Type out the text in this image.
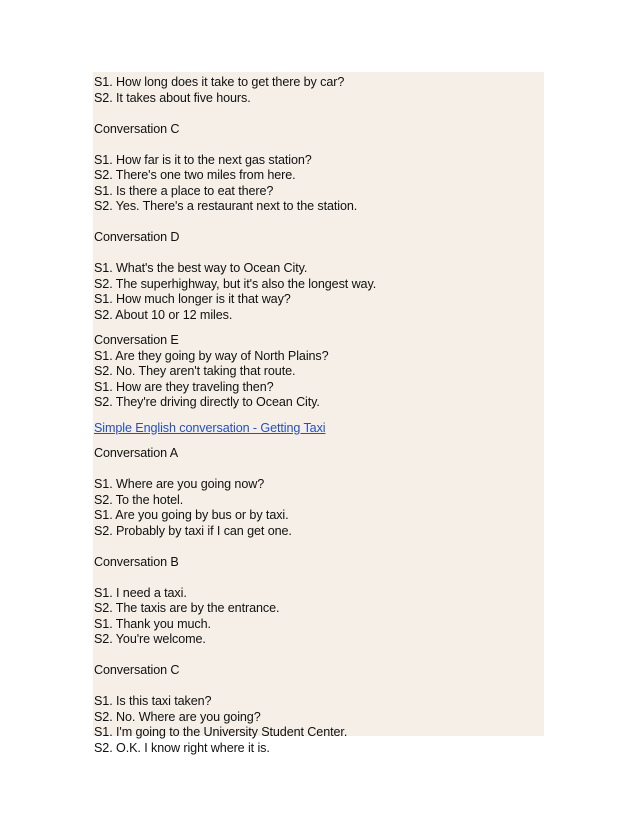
S1. How long does it take to get there by car?
S2. It takes about five hours.
Conversation C
S1. How far is it to the next gas station?
S2. There's one two miles from here.
S1. Is there a place to eat there?
S2. Yes. There's a restaurant next to the station.
Conversation D
S1. What's the best way to Ocean City.
S2. The superhighway, but it's also the longest way.
S1. How much longer is it that way?
S2. About 10 or 12 miles.
Conversation E
S1. Are they going by way of North Plains?
S2. No. They aren't taking that route.
S1. How are they traveling then?
S2. They're driving directly to Ocean City.
Simple English conversation - Getting Taxi
Conversation A
S1. Where are you going now?
S2. To the hotel.
S1. Are you going by bus or by taxi.
S2. Probably by taxi if I can get one.
Conversation B
S1. I need a taxi.
S2. The taxis are by the entrance.
S1. Thank you much.
S2. You're welcome.
Conversation C
S1. Is this taxi taken?
S2. No. Where are you going?
S1. I'm going to the University Student Center.
S2. O.K. I know right where it is.
